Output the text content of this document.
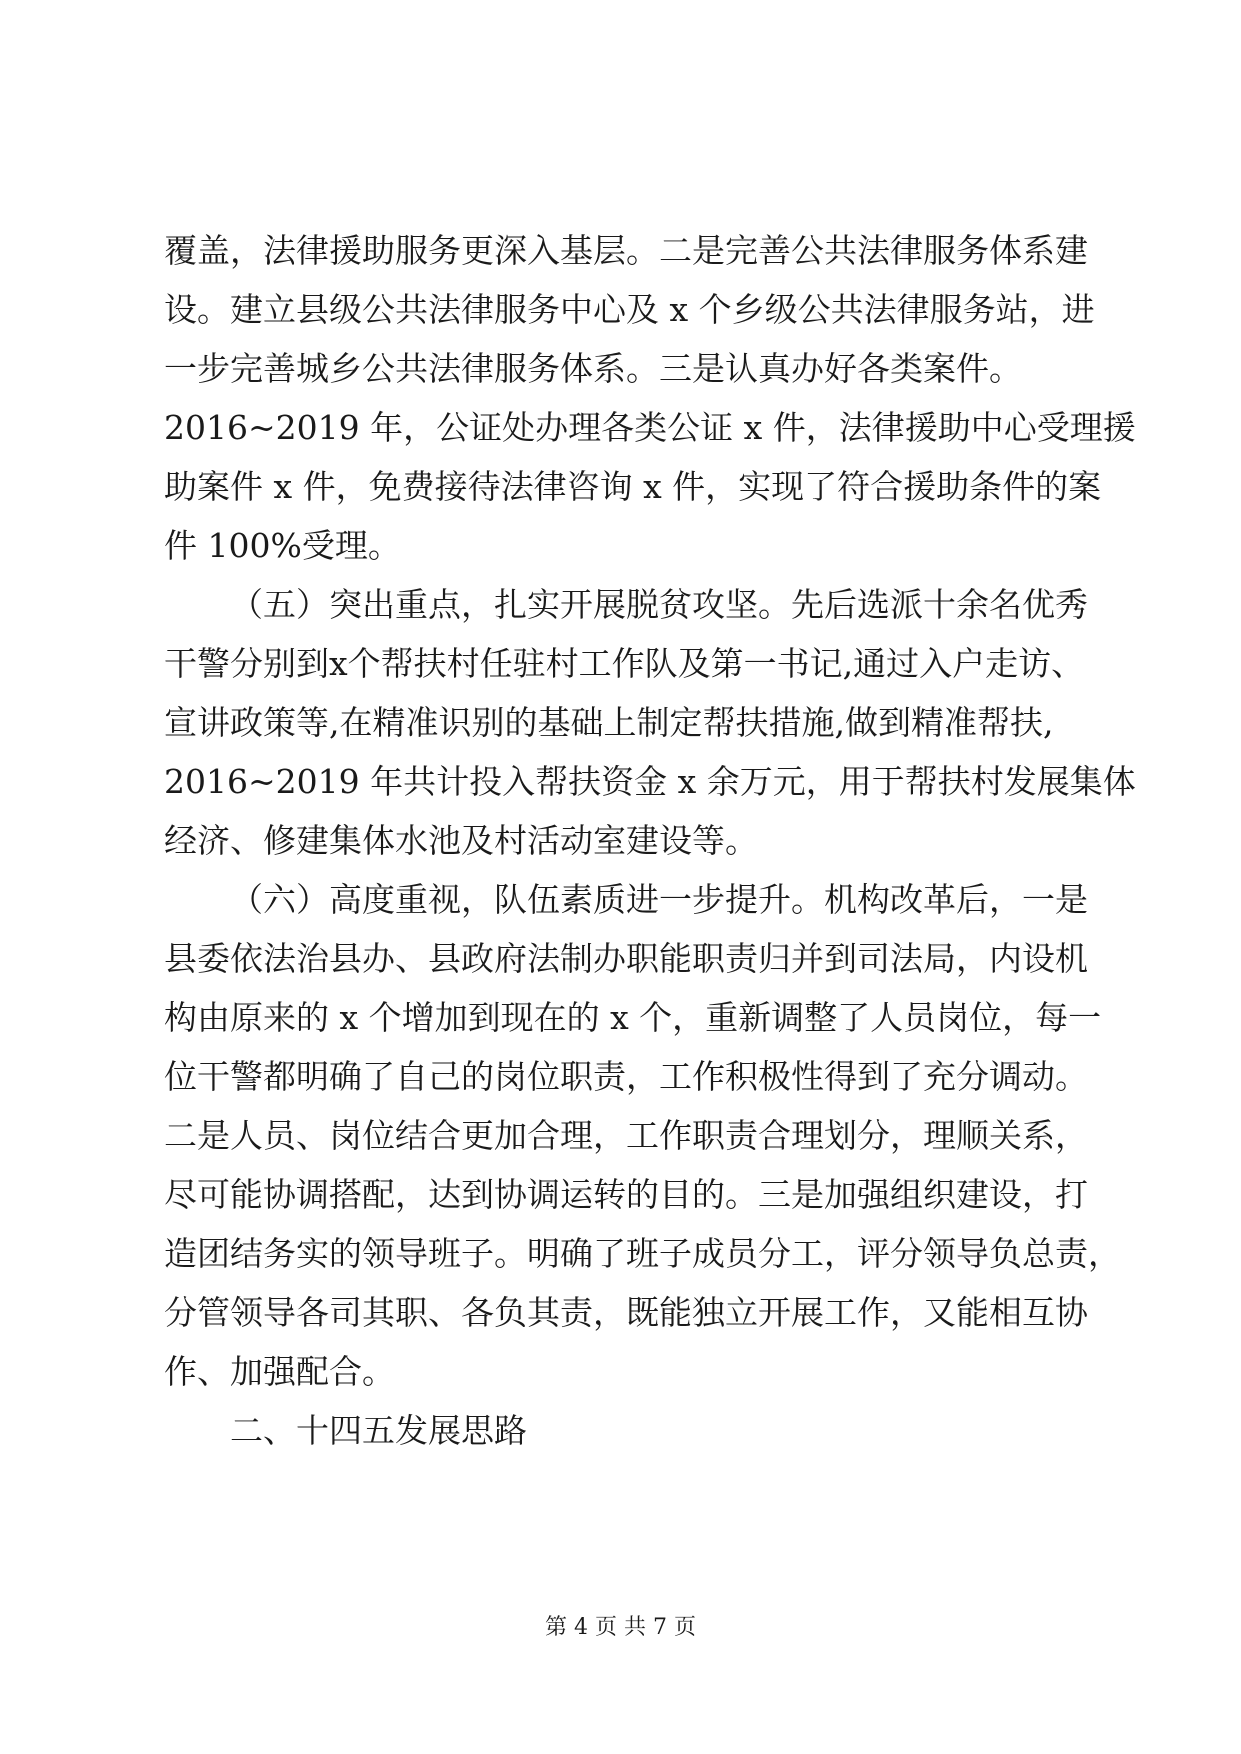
覆盖，法律援助服务更深入基层。二是完善公共法律服务体系建
设。建立县级公共法律服务中心及 x 个乡级公共法律服务站，进
一步完善城乡公共法律服务体系。三是认真办好各类案件。
2016~2019 年，公证处办理各类公证 x 件，法律援助中心受理援
助案件 x 件，免费接待法律咨询 x 件，实现了符合援助条件的案
件 100%受理。
（五）突出重点，扎实开展脱贫攻坚。先后选派十余名优秀
干警分别到x个帮扶村任驻村工作队及第一书记,通过入户走访、
宣讲政策等,在精准识别的基础上制定帮扶措施,做到精准帮扶,
2016~2019 年共计投入帮扶资金 x 余万元，用于帮扶村发展集体
经济、修建集体水池及村活动室建设等。
（六）高度重视，队伍素质进一步提升。机构改革后，一是
县委依法治县办、县政府法制办职能职责归并到司法局，内设机
构由原来的 x 个增加到现在的 x 个，重新调整了人员岗位，每一
位干警都明确了自己的岗位职责，工作积极性得到了充分调动。
二是人员、岗位结合更加合理，工作职责合理划分，理顺关系，
尽可能协调搭配，达到协调运转的目的。三是加强组织建设，打
造团结务实的领导班子。明确了班子成员分工，评分领导负总责，
分管领导各司其职、各负其责，既能独立开展工作，又能相互协
作、加强配合。
二、十四五发展思路
第 4 页 共 7 页
